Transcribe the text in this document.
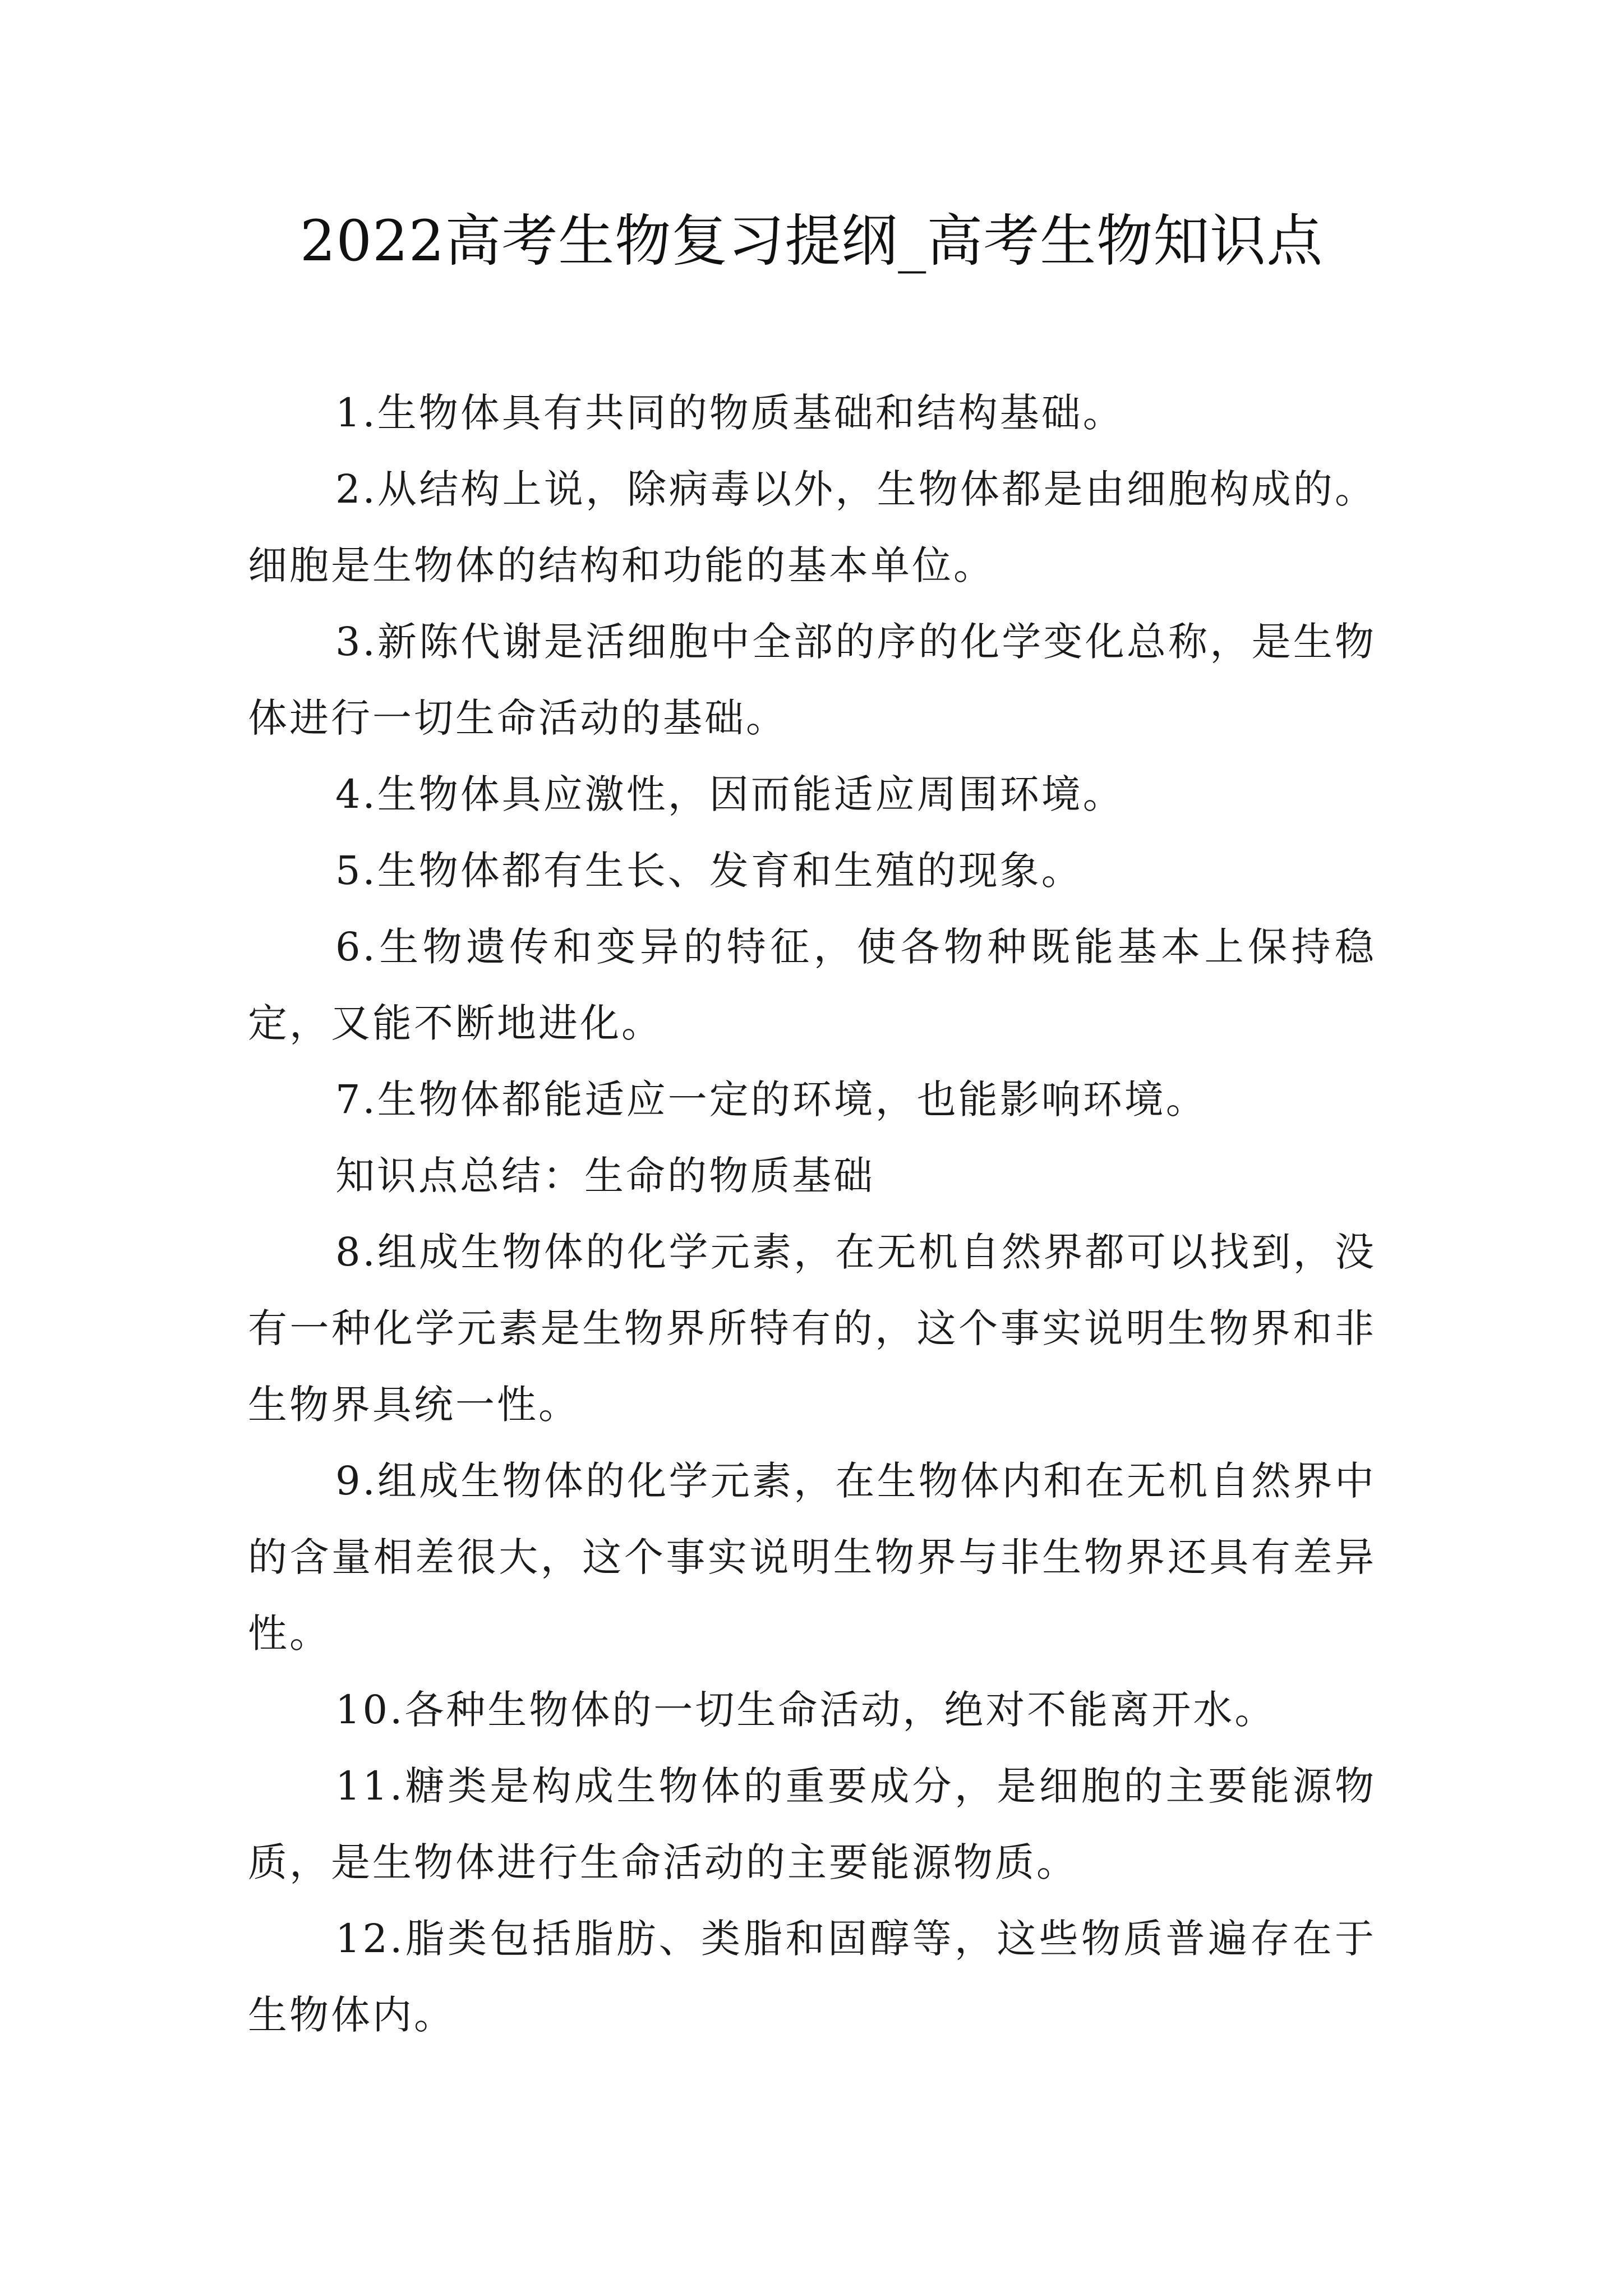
2022高考生物复习提纲_高考生物知识点

1.生物体具有共同的物质基础和结构基础。

2.从结构上说，除病毒以外，生物体都是由细胞构成的。细胞是生物体的结构和功能的基本单位。

3.新陈代谢是活细胞中全部的序的化学变化总称，是生物体进行一切生命活动的基础。

4.生物体具应激性，因而能适应周围环境。

5.生物体都有生长、发育和生殖的现象。

6.生物遗传和变异的特征，使各物种既能基本上保持稳定，又能不断地进化。

7.生物体都能适应一定的环境，也能影响环境。

知识点总结：生命的物质基础

8.组成生物体的化学元素，在无机自然界都可以找到，没有一种化学元素是生物界所特有的，这个事实说明生物界和非生物界具统一性。

9.组成生物体的化学元素，在生物体内和在无机自然界中的含量相差很大，这个事实说明生物界与非生物界还具有差异性。

10.各种生物体的一切生命活动，绝对不能离开水。

11.糖类是构成生物体的重要成分，是细胞的主要能源物质，是生物体进行生命活动的主要能源物质。

12.脂类包括脂肪、类脂和固醇等，这些物质普遍存在于生物体内。
